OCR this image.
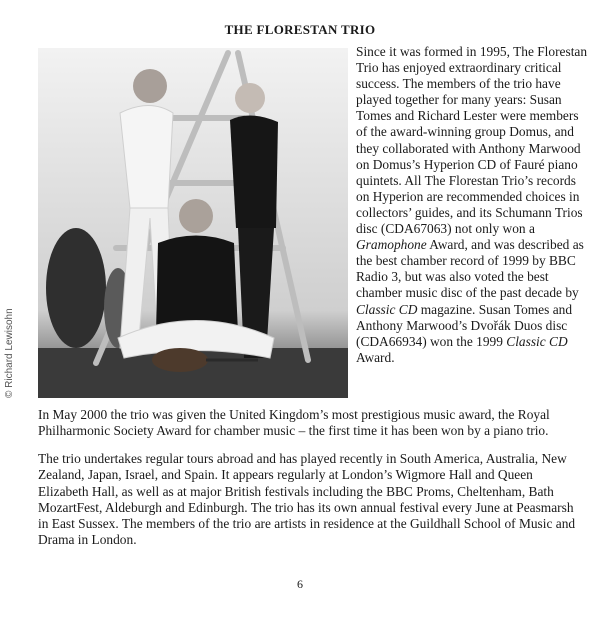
THE FLORESTAN TRIO
© Richard Lewisohn

Since it was formed in 1995, The Florestan Trio has enjoyed extraordinary critical success. The members of the trio have played together for many years: Susan Tomes and Richard Lester were members of the award-winning group Domus, and they collaborated with Anthony Marwood on Domus’s Hyperion CD of Fauré piano quintets. All The Florestan Trio’s records on Hyperion are recommended choices in collectors’ guides, and its Schumann Trios disc (CDA67063) not only won a Gramophone Award, and was described as the best chamber record of 1999 by BBC Radio 3, but was also voted the best chamber music disc of the past decade by Classic CD magazine. Susan Tomes and Anthony Marwood’s Dvořák Duos disc (CDA66934) won the 1999 Classic CD Award.

In May 2000 the trio was given the United Kingdom’s most prestigious music award, the Royal Philharmonic Society Award for chamber music – the first time it has been won by a piano trio.

The trio undertakes regular tours abroad and has played recently in South America, Australia, New Zealand, Japan, Israel, and Spain. It appears regularly at London’s Wigmore Hall and Queen Elizabeth Hall, as well as at major British festivals including the BBC Proms, Cheltenham, Bath MozartFest, Aldeburgh and Edinburgh. The trio has its own annual festival every June at Peasmarsh in East Sussex. The members of the trio are artists in residence at the Guildhall School of Music and Drama in London.

6
